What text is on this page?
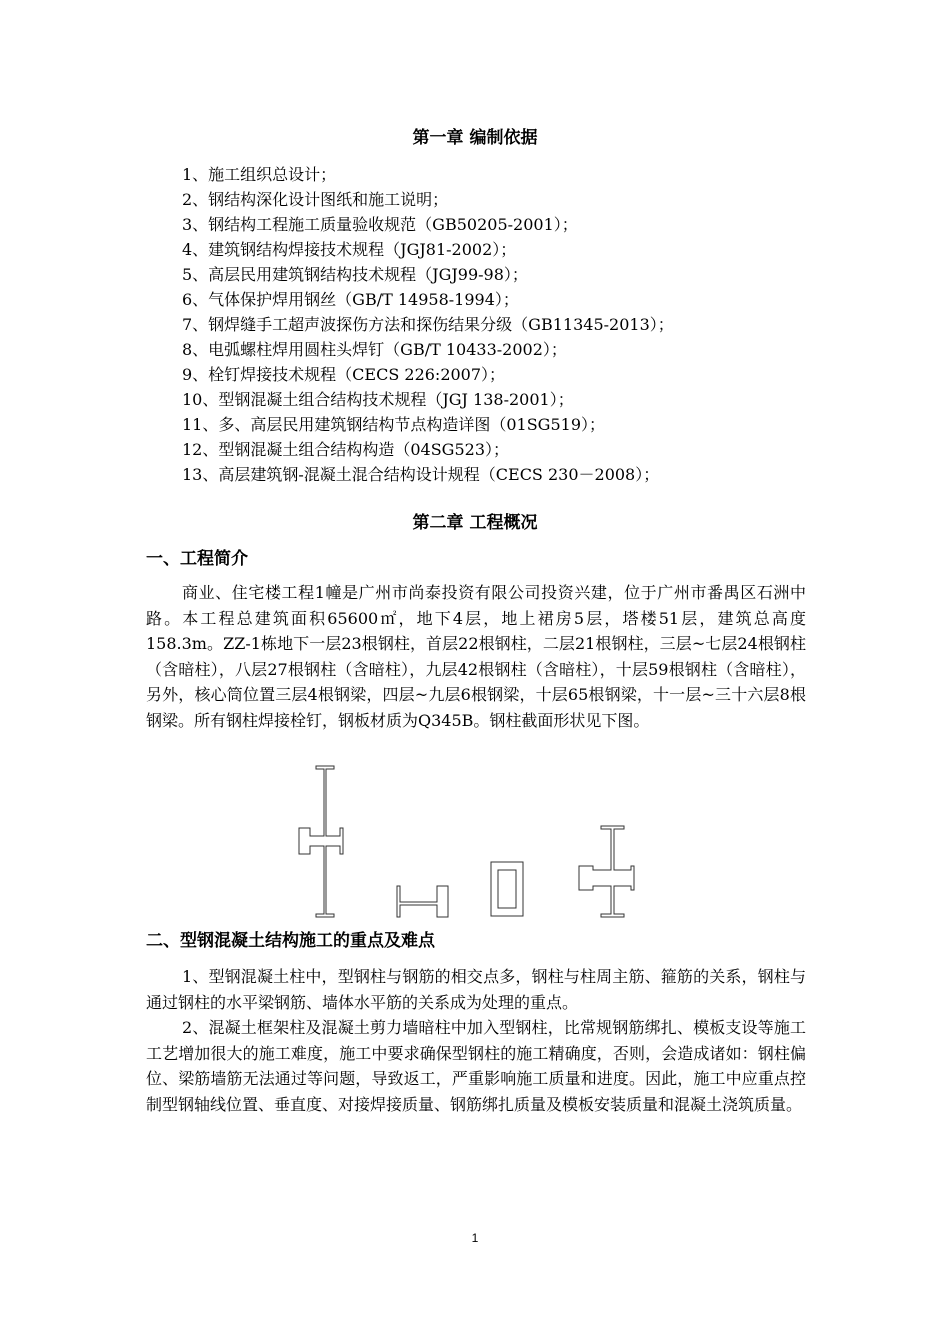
第一章 编制依据
1、施工组织总设计；
2、钢结构深化设计图纸和施工说明；
3、钢结构工程施工质量验收规范（GB50205-2001）；
4、建筑钢结构焊接技术规程（JGJ81-2002）；
5、高层民用建筑钢结构技术规程（JGJ99-98）；
6、气体保护焊用钢丝（GB/T 14958-1994）；
7、钢焊缝手工超声波探伤方法和探伤结果分级（GB11345-2013）；
8、电弧螺柱焊用圆柱头焊钉（GB/T 10433-2002）；
9、栓钉焊接技术规程（CECS 226:2007）；
10、型钢混凝土组合结构技术规程（JGJ 138-2001）；
11、多、高层民用建筑钢结构节点构造详图（01SG519）；
12、型钢混凝土组合结构构造（04SG523）；
13、高层建筑钢-混凝土混合结构设计规程（CECS 230－2008）；
第二章 工程概况
一、工程简介

商业、住宅楼工程1幢是广州市尚泰投资有限公司投资兴建，位于广州市番禺区石洲中路。本工程总建筑面积65600㎡，地下4层，地上裙房5层，塔楼51层，建筑总高度158.3m。ZZ-1栋地下一层23根钢柱，首层22根钢柱，二层21根钢柱，三层~七层24根钢柱（含暗柱），八层27根钢柱（含暗柱），九层42根钢柱（含暗柱），十层59根钢柱（含暗柱），另外，核心筒位置三层4根钢梁，四层~九层6根钢梁，十层65根钢梁，十一层~三十六层8根钢梁。所有钢柱焊接栓钉，钢板材质为Q345B。钢柱截面形状见下图。

二、型钢混凝土结构施工的重点及难点

1、型钢混凝土柱中，型钢柱与钢筋的相交点多，钢柱与柱周主筋、箍筋的关系，钢柱与通过钢柱的水平梁钢筋、墙体水平筋的关系成为处理的重点。

2、混凝土框架柱及混凝土剪力墙暗柱中加入型钢柱，比常规钢筋绑扎、模板支设等施工工艺增加很大的施工难度，施工中要求确保型钢柱的施工精确度，否则，会造成诸如：钢柱偏位、梁筋墙筋无法通过等问题，导致返工，严重影响施工质量和进度。因此，施工中应重点控制型钢轴线位置、垂直度、对接焊接质量、钢筋绑扎质量及模板安装质量和混凝土浇筑质量。

1
